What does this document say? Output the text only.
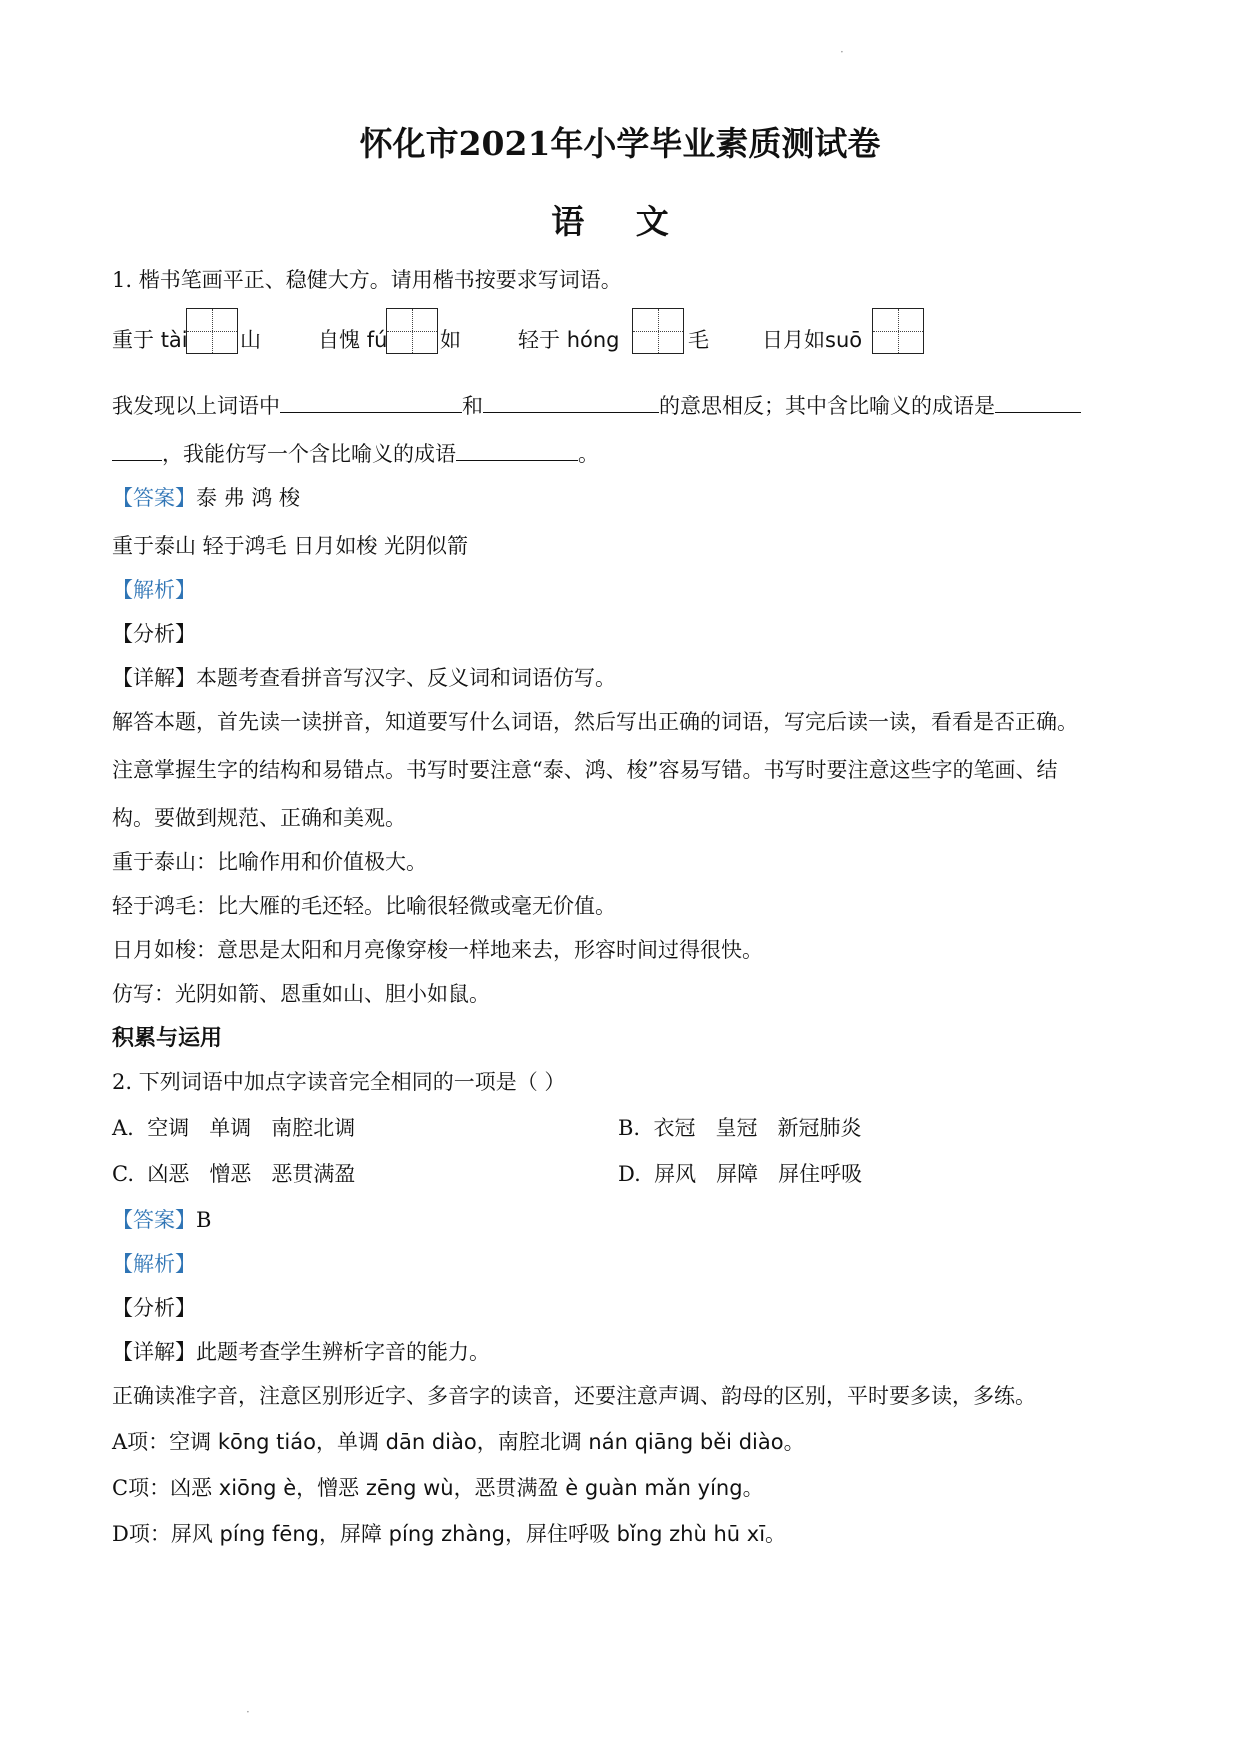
·
怀化市2021年小学毕业素质测试卷
语 文
1. 楷书笔画平正、稳健大方。请用楷书按要求写词语。
重于 tài 山	自愧 fú	如	轻于 hóng	毛	日月如suō
我发现以上词语中	和	的意思相反；其中含比喻义的成语是
，我能仿写一个含比喻义的成语	。
【答案】泰 弗 鸿 梭
重于泰山 轻于鸿毛 日月如梭 光阴似箭
【解析】
【分析】
【详解】本题考查看拼音写汉字、反义词和词语仿写。
解答本题，首先读一读拼音，知道要写什么词语，然后写出正确的词语，写完后读一读，看看是否正确。
注意掌握生字的结构和易错点。书写时要注意“泰、鸿、梭”容易写错。书写时要注意这些字的笔画、结
构。要做到规范、正确和美观。
重于泰山：比喻作用和价值极大。
轻于鸿毛：比大雁的毛还轻。比喻很轻微或毫无价值。
日月如梭：意思是太阳和月亮像穿梭一样地来去，形容时间过得很快。
仿写：光阴如箭、恩重如山、胆小如鼠。
积累与运用
2. 下列词语中加点字读音完全相同的一项是（ ）
A. 空调   单调   南腔北调	B. 衣冠   皇冠   新冠肺炎
C. 凶恶   憎恶   恶贯满盈	D. 屏风   屏障   屏住呼吸
【答案】B
【解析】
【分析】
【详解】此题考查学生辨析字音的能力。
正确读准字音，注意区别形近字、多音字的读音，还要注意声调、韵母的区别，平时要多读，多练。
A项：空调 kōng tiáo，单调 dān diào，南腔北调 nán qiāng běi diào。
C项：凶恶 xiōng è，憎恶 zēng wù，恶贯满盈 è guàn mǎn yíng。
D项：屏风 píng fēng，屏障 píng zhàng，屏住呼吸 bǐng zhù hū xī。
·
